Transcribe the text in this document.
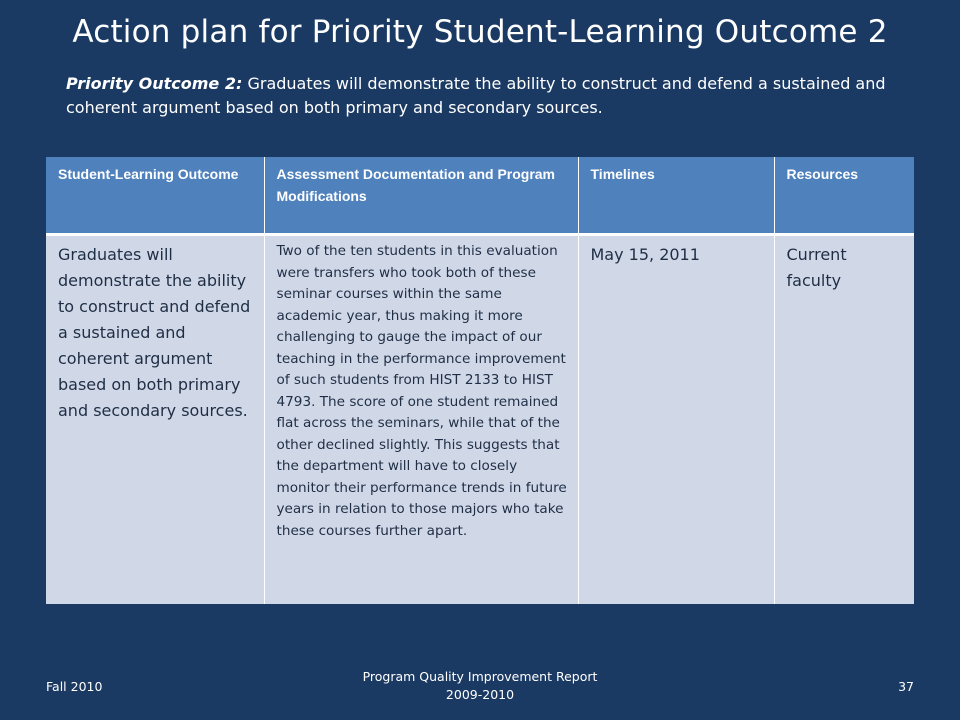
Action plan for Priority Student-Learning Outcome 2
Priority Outcome 2: Graduates will demonstrate the ability to construct and defend a sustained and coherent argument based on both primary and secondary sources.
Student-Learning Outcome	Assessment Documentation and Program Modifications	Timelines	Resources
Graduates will demonstrate the ability to construct and defend a sustained and coherent argument based on both primary and secondary sources.	Two of the ten students in this evaluation were transfers who took both of these seminar courses within the same academic year, thus making it more challenging to gauge the impact of our teaching in the performance improvement of such students from HIST 2133 to HIST 4793. The score of one student remained flat across the seminars, while that of the other declined slightly. This suggests that the department will have to closely monitor their performance trends in future years in relation to those majors who take these courses further apart.	May 15, 2011	Current faculty
Fall 2010
Program Quality Improvement Report
2009-2010
37
